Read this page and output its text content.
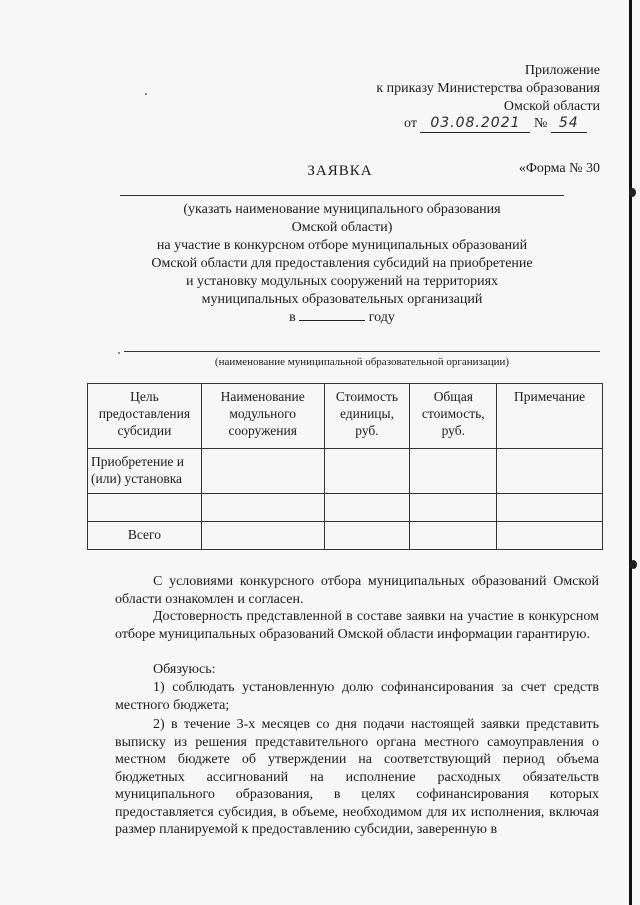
Приложение
к приказу Министерства образования
Омской области
от 03.08.2021 № 54
«Форма № 30
ЗАЯВКА
(указать наименование муниципального образования
Омской области)
на участие в конкурсном отборе муниципальных образований
Омской области для предоставления субсидий на приобретение
и установку модульных сооружений на территориях
муниципальных образовательных организаций
в	году
(наименование муниципальной образовательной организации)
Цель предоставления субсидии	Наименование модульного сооружения	Стоимость единицы, руб.	Общая стоимость, руб.	Примечание
Приобретение и (или) установка				

Всего				
С условиями конкурсного отбора муниципальных образований Омской области ознакомлен и согласен.
Достоверность представленной в составе заявки на участие в конкурсном отборе муниципальных образований Омской области информации гарантирую.
Обязуюсь:
1) соблюдать установленную долю софинансирования за счет средств местного бюджета;
2) в течение 3-х месяцев со дня подачи настоящей заявки представить выписку из решения представительного органа местного самоуправления о местном бюджете об утверждении на соответствующий период объема бюджетных ассигнований на исполнение расходных обязательств муниципального образования, в целях софинансирования которых предоставляется субсидия, в объеме, необходимом для их исполнения, включая размер планируемой к предоставлению субсидии, заверенную в
